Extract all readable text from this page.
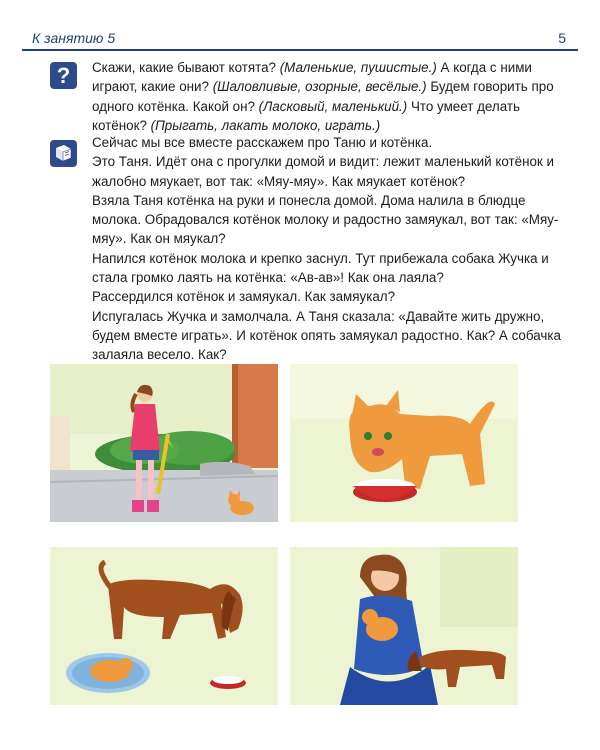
К занятию 5	5
?	Скажи, какие бывают котята? (Маленькие, пушистые.) А когда с ними играют, какие они? (Шаловливые, озорные, весёлые.) Будем говорить про одного котёнка. Какой он? (Ласковый, маленький.) Что умеет делать котёнок? (Прыгать, лакать молоко, играть.)

Сейчас мы все вместе расскажем про Таню и котёнка.

Это Таня. Идёт она с прогулки домой и видит: лежит маленький котёнок и жалобно мяукает, вот так: «Мяу-мяу». Как мяукает котёнок?

Взяла Таня котёнка на руки и понесла домой. Дома налила в блюдце молока. Обрадовался котёнок молоку и радостно замяукал, вот так: «Мяу-мяу». Как он мяукал?

Напился котёнок молока и крепко заснул. Тут прибежала собака Жучка и стала громко лаять на котёнка: «Ав-ав»! Как она лаяла?

Рассердился котёнок и замяукал. Как замяукал?

Испугалась Жучка и замолчала. А Таня сказала: «Давайте жить дружно, будем вместе играть». И котёнок опять замяукал радостно. Как? А собачка залаяла весело. Как?
